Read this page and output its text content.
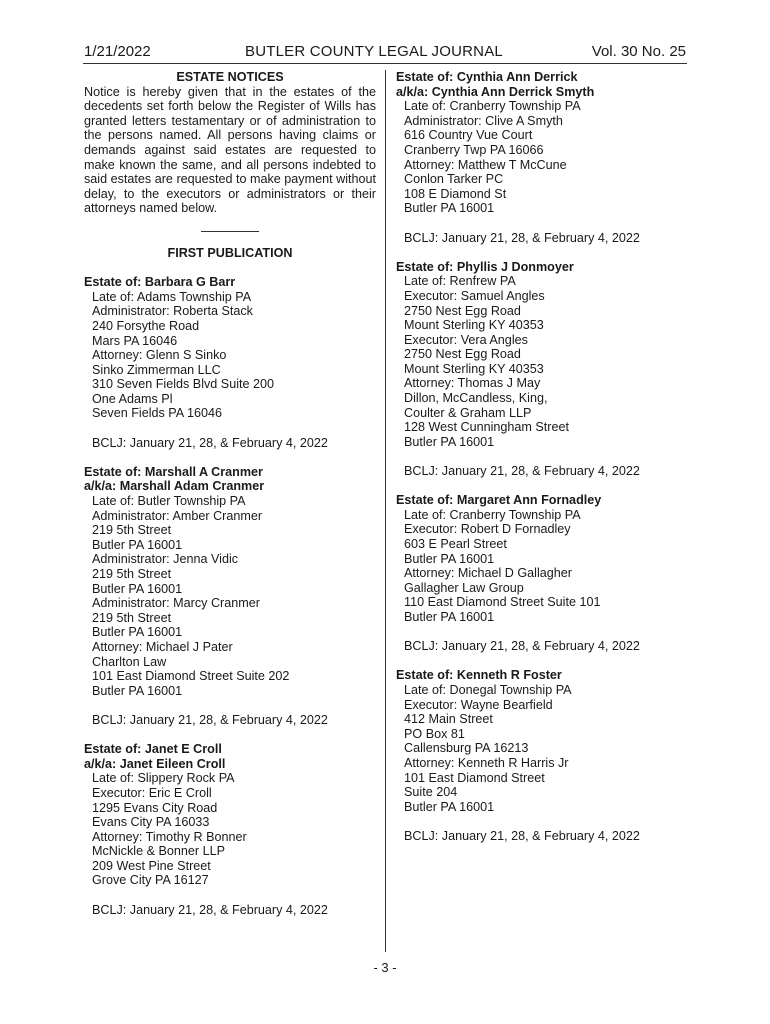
1/21/2022	BUTLER COUNTY LEGAL JOURNAL	Vol. 30 No. 25

ESTATE NOTICES

Notice is hereby given that in the estates of the decedents set forth below the Register of Wills has granted letters testamentary or of administration to the persons named. All persons having claims or demands against said estates are requested to make known the same, and all persons indebted to said estates are requested to make payment without delay, to the executors or administrators or their attorneys named below.

FIRST PUBLICATION

Estate of: Barbara G Barr

Late of: Adams Township PA

Administrator: Roberta Stack

240 Forsythe Road

Mars PA 16046

Attorney: Glenn S Sinko

Sinko Zimmerman LLC

310 Seven Fields Blvd Suite 200

One Adams Pl

Seven Fields PA 16046

BCLJ: January 21, 28, & February 4, 2022

Estate of: Marshall A Cranmer

a/k/a: Marshall Adam Cranmer

Late of: Butler Township PA

Administrator: Amber Cranmer

219 5th Street

Butler PA 16001

Administrator: Jenna Vidic

219 5th Street

Butler PA 16001

Administrator: Marcy Cranmer

219 5th Street

Butler PA 16001

Attorney: Michael J Pater

Charlton Law

101 East Diamond Street Suite 202

Butler PA 16001

BCLJ: January 21, 28, & February 4, 2022

Estate of: Janet E Croll

a/k/a: Janet Eileen Croll

Late of: Slippery Rock PA

Executor: Eric E Croll

1295 Evans City Road

Evans City PA 16033

Attorney: Timothy R Bonner

McNickle & Bonner LLP

209 West Pine Street

Grove City PA 16127

BCLJ: January 21, 28, & February 4, 2022

Estate of: Cynthia Ann Derrick

a/k/a: Cynthia Ann Derrick Smyth

Late of: Cranberry Township PA

Administrator: Clive A Smyth

616 Country Vue Court

Cranberry Twp PA 16066

Attorney: Matthew T McCune

Conlon Tarker PC

108 E Diamond St

Butler PA 16001

BCLJ: January 21, 28, & February 4, 2022

Estate of: Phyllis J Donmoyer

Late of: Renfrew PA

Executor: Samuel Angles

2750 Nest Egg Road

Mount Sterling KY 40353

Executor: Vera Angles

2750 Nest Egg Road

Mount Sterling KY 40353

Attorney: Thomas J May

Dillon, McCandless, King,

Coulter & Graham LLP

128 West Cunningham Street

Butler PA 16001

BCLJ: January 21, 28, & February 4, 2022

Estate of: Margaret Ann Fornadley

Late of: Cranberry Township PA

Executor: Robert D Fornadley

603 E Pearl Street

Butler PA 16001

Attorney: Michael D Gallagher

Gallagher Law Group

110 East Diamond Street Suite 101

Butler PA 16001

BCLJ: January 21, 28, & February 4, 2022

Estate of: Kenneth R Foster

Late of: Donegal Township PA

Executor: Wayne Bearfield

412 Main Street

PO Box 81

Callensburg PA 16213

Attorney: Kenneth R Harris Jr

101 East Diamond Street

Suite 204

Butler PA 16001

BCLJ: January 21, 28, & February 4, 2022

- 3 -
